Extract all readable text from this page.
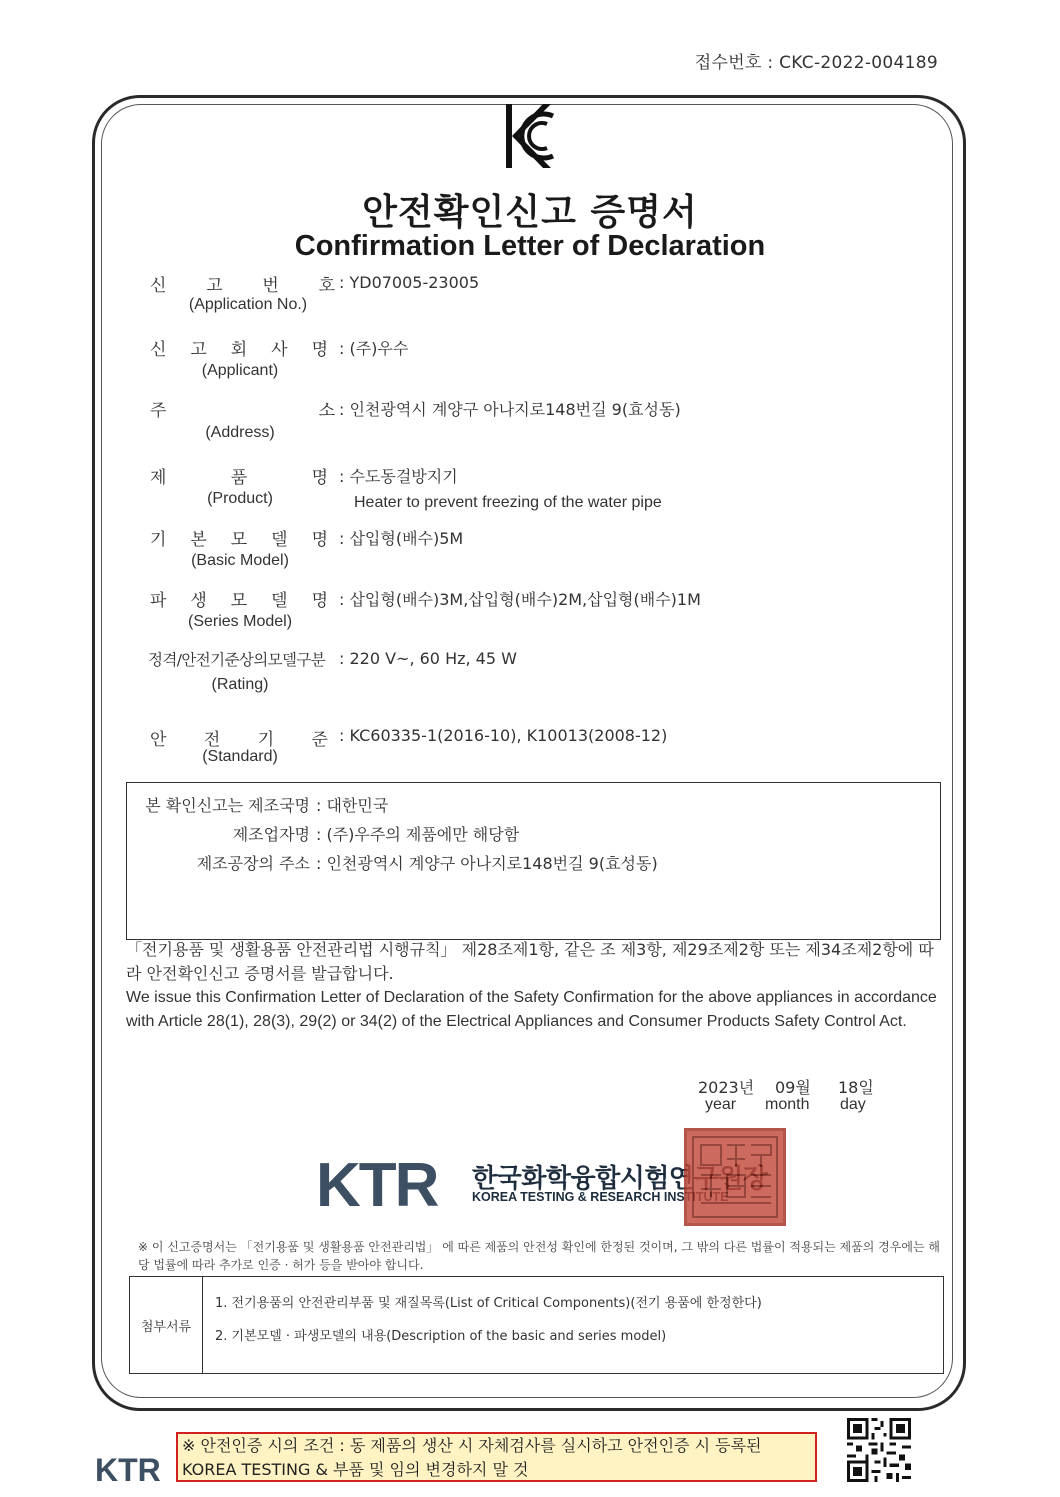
접수번호 : CKC-2022-004189
안전확인신고 증명서
Confirmation Letter of Declaration
신 고 번 호
(Application No.)
: YD07005-23005
신 고 회 사 명
(Applicant)
: (주)우수
주	소
(Address)
: 인천광역시 계양구 아나지로148번길 9(효성동)
제	품	명
(Product)
: 수도동걸방지기
Heater to prevent freezing of the water pipe
기 본 모 델 명
(Basic Model)
: 삽입형(배수)5M
파 생 모 델 명
(Series Model)
: 삽입형(배수)3M,삽입형(배수)2M,삽입형(배수)1M
정격/안전기준상의모델구분
(Rating)
: 220 V~, 60 Hz, 45 W
안 전 기 준
(Standard)
: KC60335-1(2016-10), K10013(2008-12)
본 확인신고는 제조국명 : 대한민국
제조업자명 : (주)우주의 제품에만 해당함
제조공장의 주소 : 인천광역시 계양구 아나지로148번길 9(효성동)
「전기용품 및 생활용품 안전관리법 시행규칙」 제28조제1항, 같은 조 제3항, 제29조제2항 또는 제34조제2항에 따라 안전확인신고 증명서를 발급합니다.
We issue this Confirmation Letter of Declaration of the Safety Confirmation for the above appliances in accordance with Article 28(1), 28(3), 29(2) or 34(2) of the Electrical Appliances and Consumer Products Safety Control Act.
2023년 09월 18일
year month day
KTR 한국화학융합시험연구원장
KOREA TESTING & RESEARCH INSTITUTE
※ 이 신고증명서는 「전기용품 및 생활용품 안전관리법」 에 따른 제품의 안전성 확인에 한정된 것이며, 그 밖의 다른 법률이 적용되는 제품의 경우에는 해당 법률에 따라 추가로 인증 · 허가 등을 받아야 합니다.
첨부서류
1. 전기용품의 안전관리부품 및 재질목록(List of Critical Components)(전기 용품에 한정한다)
2. 기본모델 · 파생모델의 내용(Description of the basic and series model)
KTR
※ 안전인증 시의 조건 : 동 제품의 생산 시 자체검사를 실시하고 안전인증 시 등록된
KOREA TESTING & 부품 및 임의 변경하지 말 것
